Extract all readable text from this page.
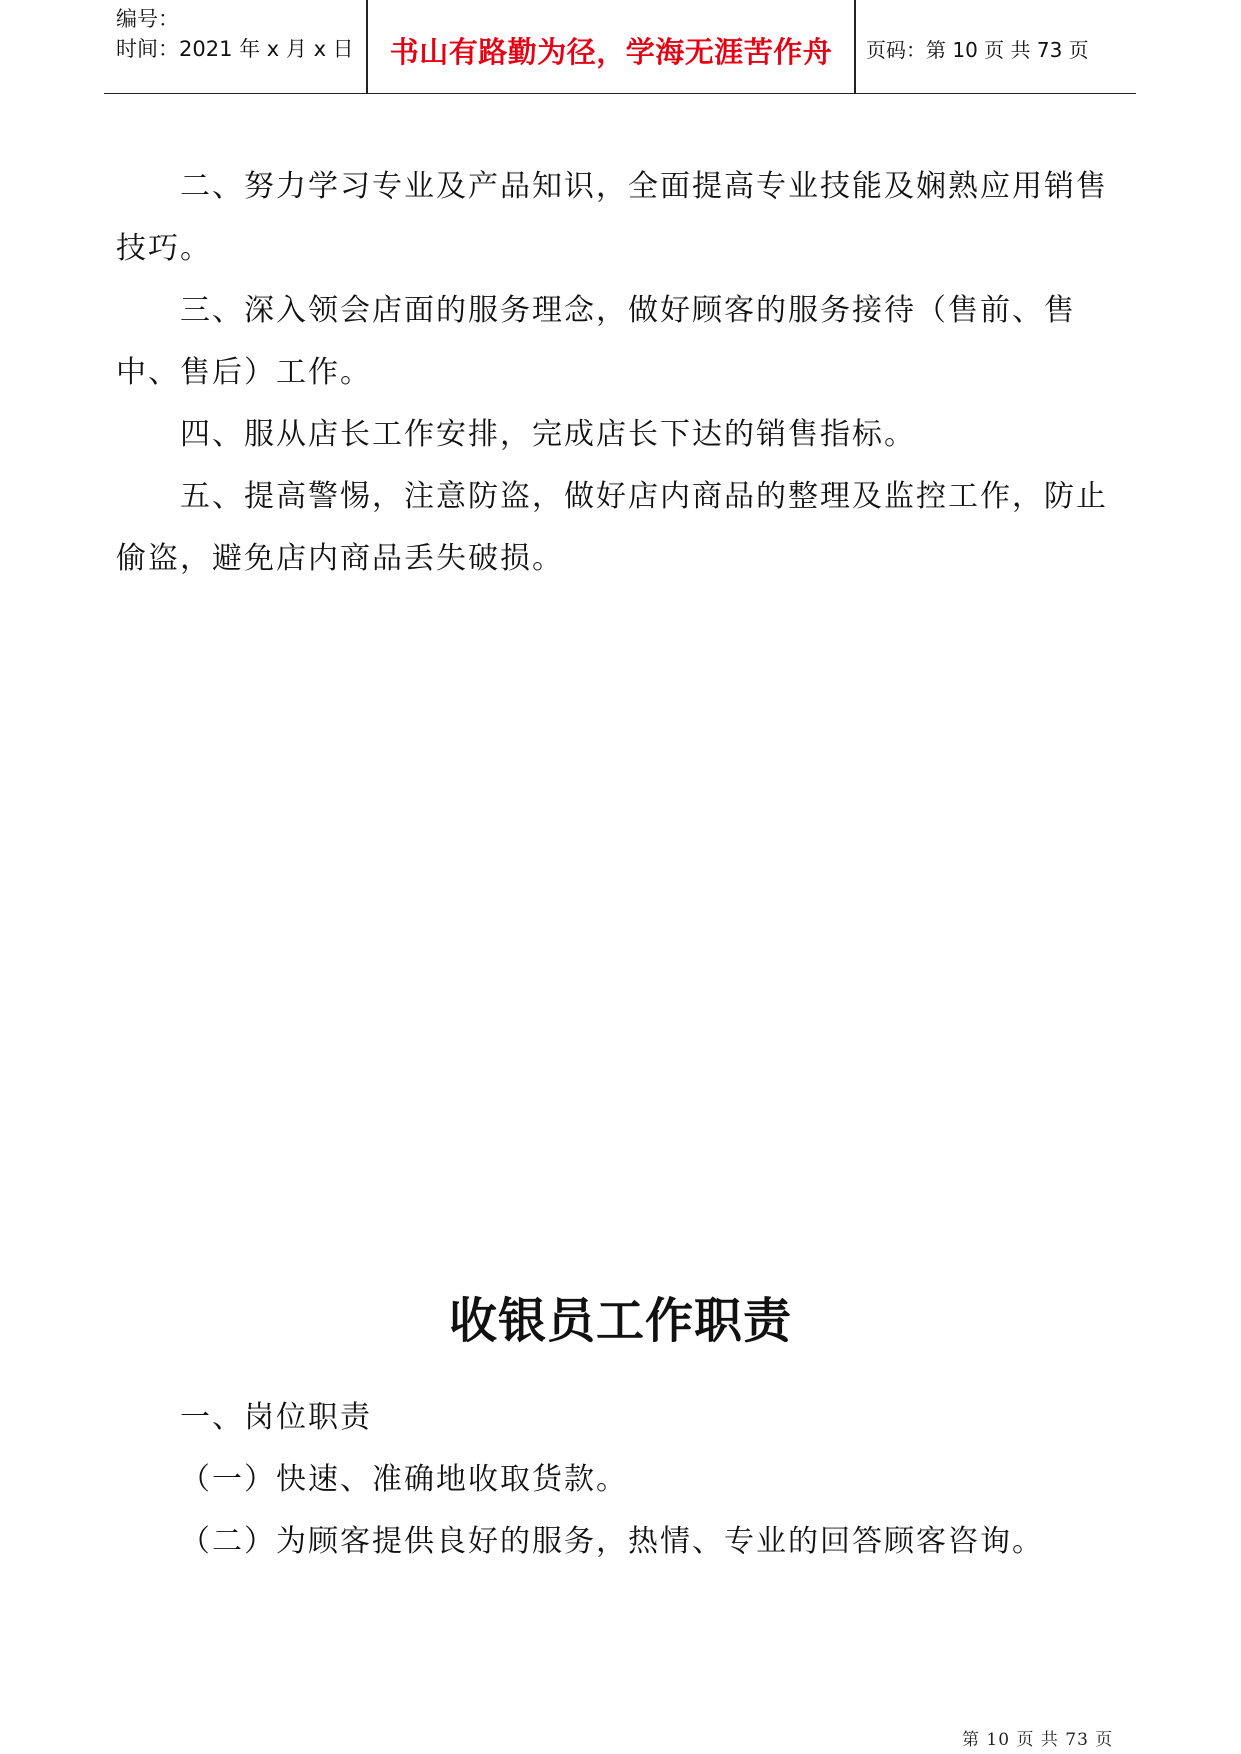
编号：
时间：2021 年 x 月 x 日	书山有路勤为径，学海无涯苦作舟	页码：第 10 页 共 73 页

二、努力学习专业及产品知识，全面提高专业技能及娴熟应用销售技巧。

三、深入领会店面的服务理念，做好顾客的服务接待（售前、售中、售后）工作。

四、服从店长工作安排，完成店长下达的销售指标。

五、提高警惕，注意防盗，做好店内商品的整理及监控工作，防止偷盗，避免店内商品丢失破损。

收银员工作职责

一、岗位职责

（一）快速、准确地收取货款。

（二）为顾客提供良好的服务，热情、专业的回答顾客咨询。

第 10 页 共 73 页
